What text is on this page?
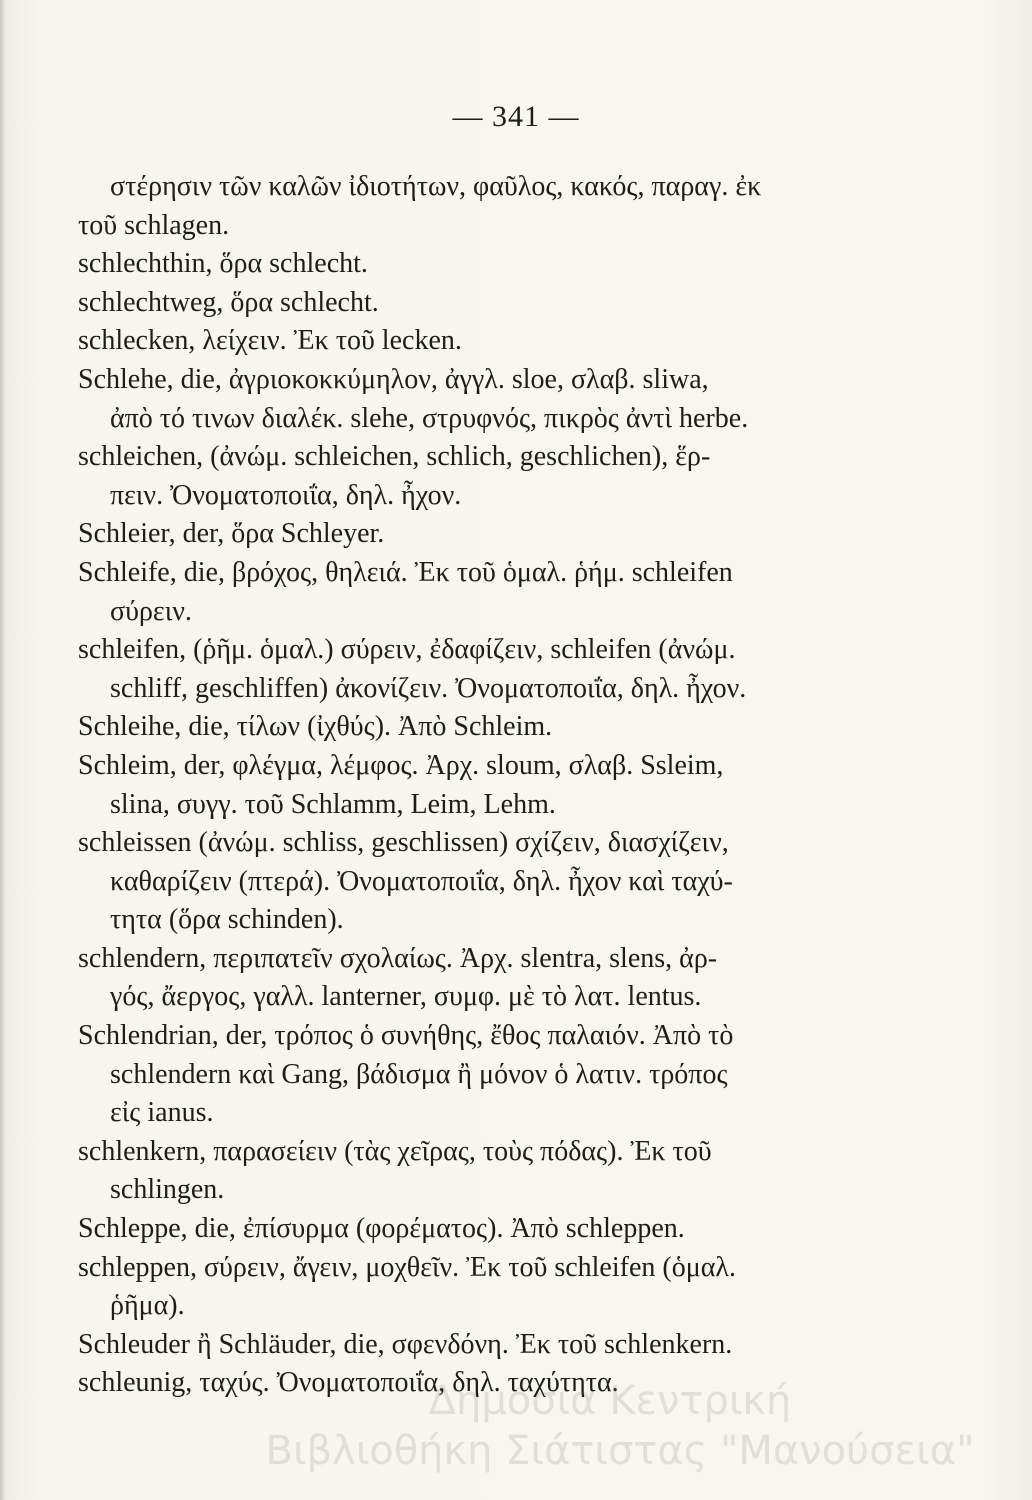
— 341 —
στέρησιν τῶν καλῶν ἰδιοτήτων, φαῦλος, κακός, παραγ. ἐκ
τοῦ schlagen.
schlechthin, ὅρα schlecht.
schlechtweg, ὅρα schlecht.
schlecken, λείχειν. Ἐκ τοῦ lecken.
Schlehe, die, ἀγριοκοκκύμηλον, ἀγγλ. sloe, σλαβ. sliwa,
ἀπὸ τό τινων διαλέκ. slehe, στρυφνός, πικρὸς ἀντὶ herbe.
schleichen, (ἀνώμ. schleichen, schlich, geschlichen), ἕρ-
πειν. Ὀνοματοποιΐα, δηλ. ἦχον.
Schleier, der, ὅρα Schleyer.
Schleife, die, βρόχος, θηλειά. Ἐκ τοῦ ὁμαλ. ῥήμ. schleifen
σύρειν.
schleifen, (ῥῆμ. ὁμαλ.) σύρειν, ἐδαφίζειν, schleifen (ἀνώμ.
schliff, geschliffen) ἀκονίζειν. Ὀνοματοποιΐα, δηλ. ἦχον.
Schleihe, die, τίλων (ἰχθύς). Ἀπὸ Schleim.
Schleim, der, φλέγμα, λέμφος. Ἀρχ. sloum, σλαβ. Ssleim,
slina, συγγ. τοῦ Schlamm, Leim, Lehm.
schleissen (ἀνώμ. schliss, geschlissen) σχίζειν, διασχίζειν,
καθαρίζειν (πτερά). Ὀνοματοποιΐα, δηλ. ἦχον καὶ ταχύ-
τητα (ὅρα schinden).
schlendern, περιπατεῖν σχολαίως. Ἀρχ. slentra, slens, ἀρ-
γός, ἄεργος, γαλλ. lanterner, συμφ. μὲ τὸ λατ. lentus.
Schlendrian, der, τρόπος ὁ συνήθης, ἔθος παλαιόν. Ἀπὸ τὸ
schlendern καὶ Gang, βάδισμα ἢ μόνον ὁ λατιν. τρόπος
εἰς ianus.
schlenkern, παρασείειν (τὰς χεῖρας, τοὺς πόδας). Ἐκ τοῦ
schlingen.
Schleppe, die, ἐπίσυρμα (φορέματος). Ἀπὸ schleppen.
schleppen, σύρειν, ἄγειν, μοχθεῖν. Ἐκ τοῦ schleifen (ὁμαλ.
ῥῆμα).
Schleuder ἢ Schläuder, die, σφενδόνη. Ἐκ τοῦ schlenkern.
schleunig, ταχύς. Ὀνοματοποιΐα, δηλ. ταχύτητα.
Δημόσια Κεντρική
Βιβλιοθήκη Σιάτιστας "Μανούσεια"
